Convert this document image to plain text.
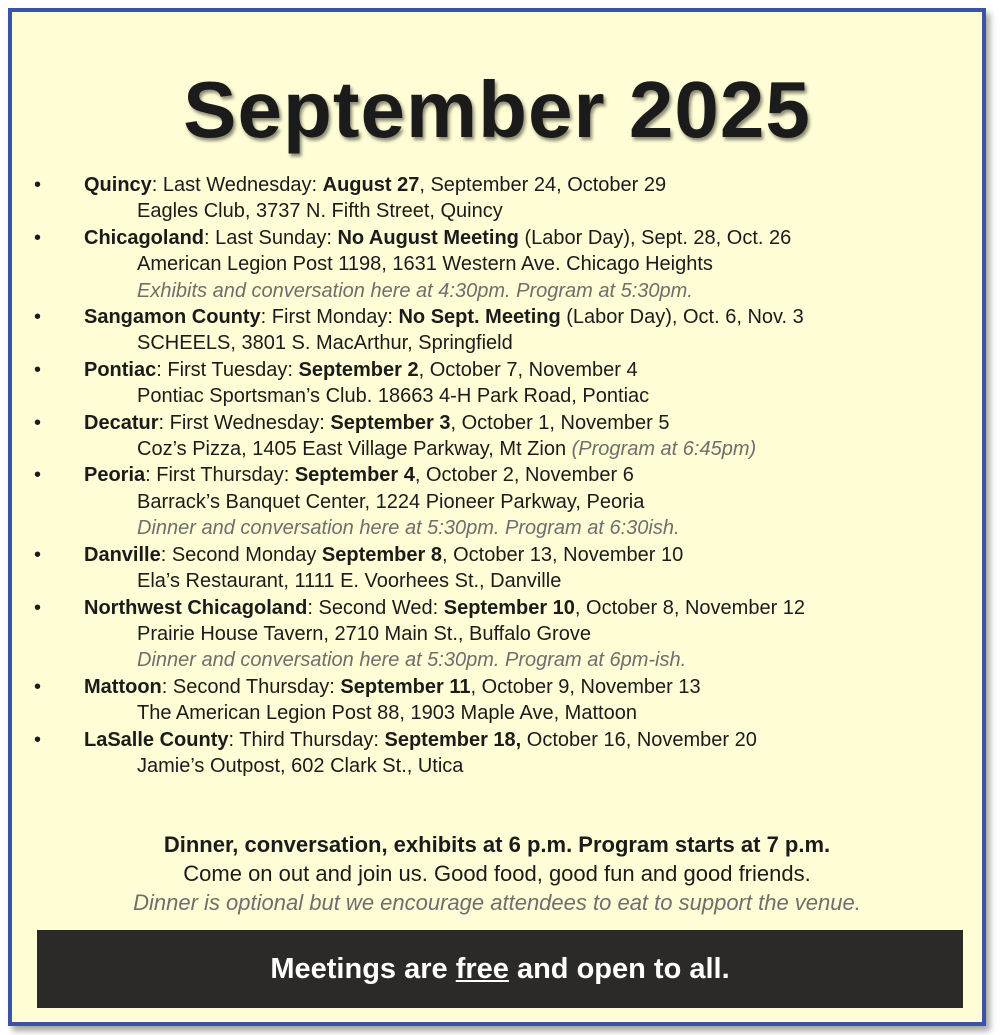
September 2025
•	Quincy: Last Wednesday: August 27, September 24, October 29
Eagles Club, 3737 N. Fifth Street, Quincy
•	Chicagoland: Last Sunday: No August Meeting (Labor Day), Sept. 28, Oct. 26
American Legion Post 1198, 1631 Western Ave. Chicago Heights
Exhibits and conversation here at 4:30pm. Program at 5:30pm.
•	Sangamon County: First Monday: No Sept. Meeting (Labor Day), Oct. 6, Nov. 3
SCHEELS, 3801 S. MacArthur, Springfield
•	Pontiac: First Tuesday: September 2, October 7, November 4
Pontiac Sportsman’s Club. 18663 4-H Park Road, Pontiac
•	Decatur: First Wednesday: September 3, October 1, November 5
Coz’s Pizza, 1405 East Village Parkway, Mt Zion (Program at 6:45pm)
•	Peoria: First Thursday: September 4, October 2, November 6
Barrack’s Banquet Center, 1224 Pioneer Parkway, Peoria
Dinner and conversation here at 5:30pm. Program at 6:30ish.
•	Danville: Second Monday September 8, October 13, November 10
Ela’s Restaurant, 1111 E. Voorhees St., Danville
•	Northwest Chicagoland: Second Wed: September 10, October 8, November 12
Prairie House Tavern, 2710 Main St., Buffalo Grove
Dinner and conversation here at 5:30pm. Program at 6pm-ish.
•	Mattoon: Second Thursday: September 11, October 9, November 13
The American Legion Post 88, 1903 Maple Ave, Mattoon
•	LaSalle County: Third Thursday: September 18, October 16, November 20
Jamie’s Outpost, 602 Clark St., Utica
Dinner, conversation, exhibits at 6 p.m. Program starts at 7 p.m.
Come on out and join us. Good food, good fun and good friends.
Dinner is optional but we encourage attendees to eat to support the venue.
Meetings are free and open to all.
